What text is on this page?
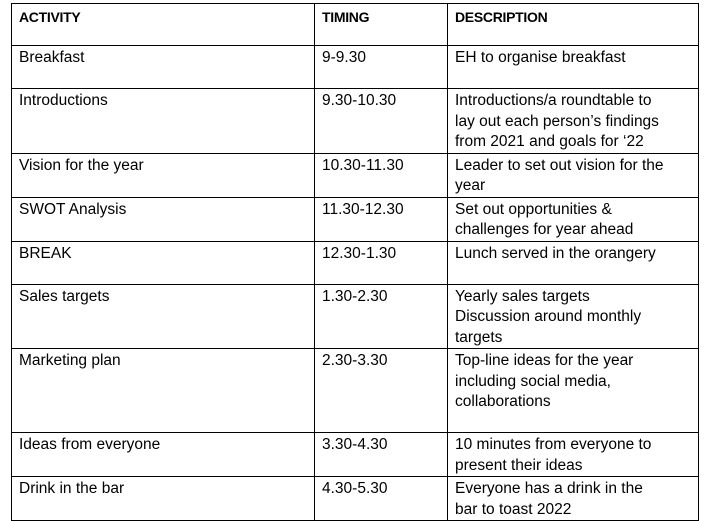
ACTIVITY	TIMING	DESCRIPTION
Breakfast	9-9.30	EH to organise breakfast

Introductions	9.30-10.30	Introductions/a roundtable to
lay out each person’s findings
from 2021 and goals for ‘22

Vision for the year	10.30-11.30	Leader to set out vision for the
year

SWOT Analysis	11.30-12.30	Set out opportunities &
challenges for year ahead

BREAK	12.30-1.30	Lunch served in the orangery

Sales targets	1.30-2.30	Yearly sales targets
Discussion around monthly
targets

Marketing plan	2.30-3.30	Top-line ideas for the year
including social media,
collaborations

Ideas from everyone	3.30-4.30	10 minutes from everyone to
present their ideas

Drink in the bar	4.30-5.30	Everyone has a drink in the
bar to toast 2022
